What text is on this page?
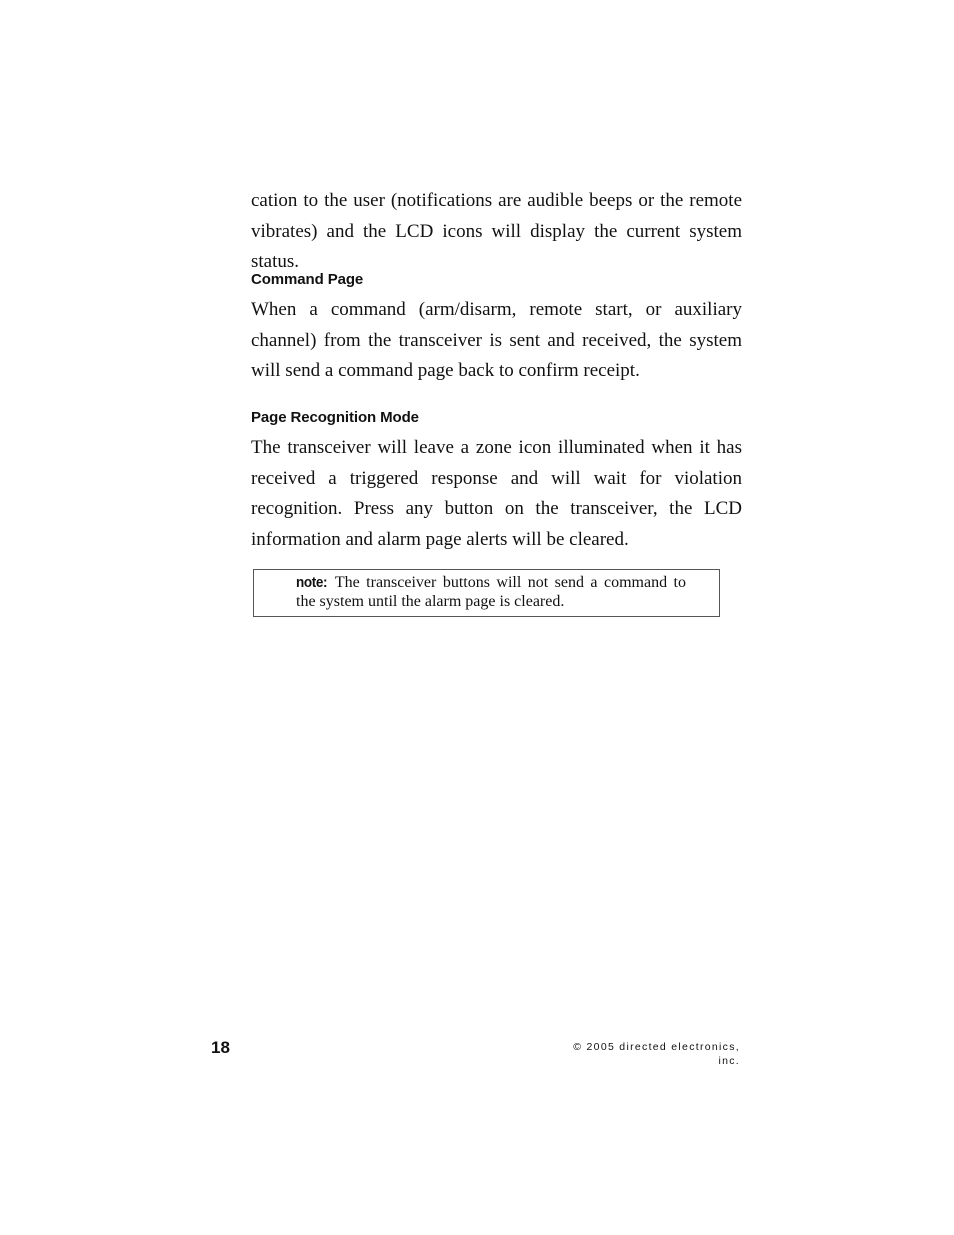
cation to the user (notifications are audible beeps or the remote vibrates) and the LCD icons will display the current system status.

Command Page

When a command (arm/disarm, remote start, or auxiliary channel) from the transceiver is sent and received, the system will send a command page back to confirm receipt.

Page Recognition Mode

The transceiver will leave a zone icon illuminated when it has received a triggered response and will wait for violation recognition. Press any button on the transceiver, the LCD information and alarm page alerts will be cleared.

note: The transceiver buttons will not send a command to the system until the alarm page is cleared.

18	© 2005 directed electronics, inc.
